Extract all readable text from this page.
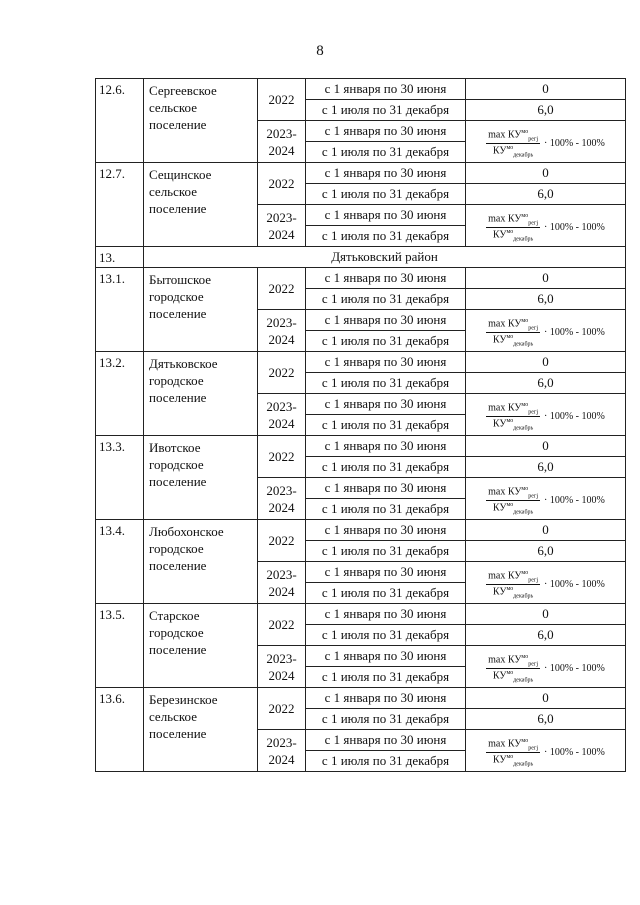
8
12.6.	Сергеевское сельское поселение	2022	с 1 января по 30 июня	0
			с 1 июля по 31 декабря	6,0
		2023-2024	с 1 января по 30 июня	$\frac{\max КУ^{мо}_{pегj}}{КУ^{мо}_{декабрь}} \cdot 100\% - 100\%$

			с 1 июля по 31 декабря	
12.7.	Сещинское сельское поселение	2022	с 1 января по 30 июня	0
			с 1 июля по 31 декабря	6,0
		2023-2024	с 1 января по 30 июня	$\frac{\max КУ^{мо}_{pегj}}{КУ^{мо}_{декабрь}} \cdot 100\% - 100\%$

			с 1 июля по 31 декабря	
13.	Дятьковский район			
13.1.	Бытошское городское поселение	2022	с 1 января по 30 июня	0
			с 1 июля по 31 декабря	6,0
		2023-2024	с 1 января по 30 июня	$\frac{\max КУ^{мо}_{pегj}}{КУ^{мо}_{декабрь}} \cdot 100\% - 100\%$

			с 1 июля по 31 декабря	
13.2.	Дятьковское городское поселение	2022	с 1 января по 30 июня	0
			с 1 июля по 31 декабря	6,0
		2023-2024	с 1 января по 30 июня	$\frac{\max КУ^{мо}_{pегj}}{КУ^{мо}_{декабрь}} \cdot 100\% - 100\%$

			с 1 июля по 31 декабря	
13.3.	Ивотское городское поселение	2022	с 1 января по 30 июня	0
			с 1 июля по 31 декабря	6,0
		2023-2024	с 1 января по 30 июня	$\frac{\max КУ^{мо}_{pегj}}{КУ^{мо}_{декабрь}} \cdot 100\% - 100\%$

			с 1 июля по 31 декабря	
13.4.	Любохонское городское поселение	2022	с 1 января по 30 июня	0
			с 1 июля по 31 декабря	6,0
		2023-2024	с 1 января по 30 июня	$\frac{\max КУ^{мо}_{pегj}}{КУ^{мо}_{декабрь}} \cdot 100\% - 100\%$

			с 1 июля по 31 декабря	
13.5.	Старское городское поселение	2022	с 1 января по 30 июня	0
			с 1 июля по 31 декабря	6,0
		2023-2024	с 1 января по 30 июня	$\frac{\max КУ^{мо}_{pегj}}{КУ^{мо}_{декабрь}} \cdot 100\% - 100\%$

			с 1 июля по 31 декабря	
13.6.	Березинское сельское поселение	2022	с 1 января по 30 июня	0
			с 1 июля по 31 декабря	6,0
		2023-2024	с 1 января по 30 июня	$\frac{\max КУ^{мо}_{pегj}}{КУ^{мо}_{декабрь}} \cdot 100\% - 100\%$

			с 1 июля по 31 декабря	
